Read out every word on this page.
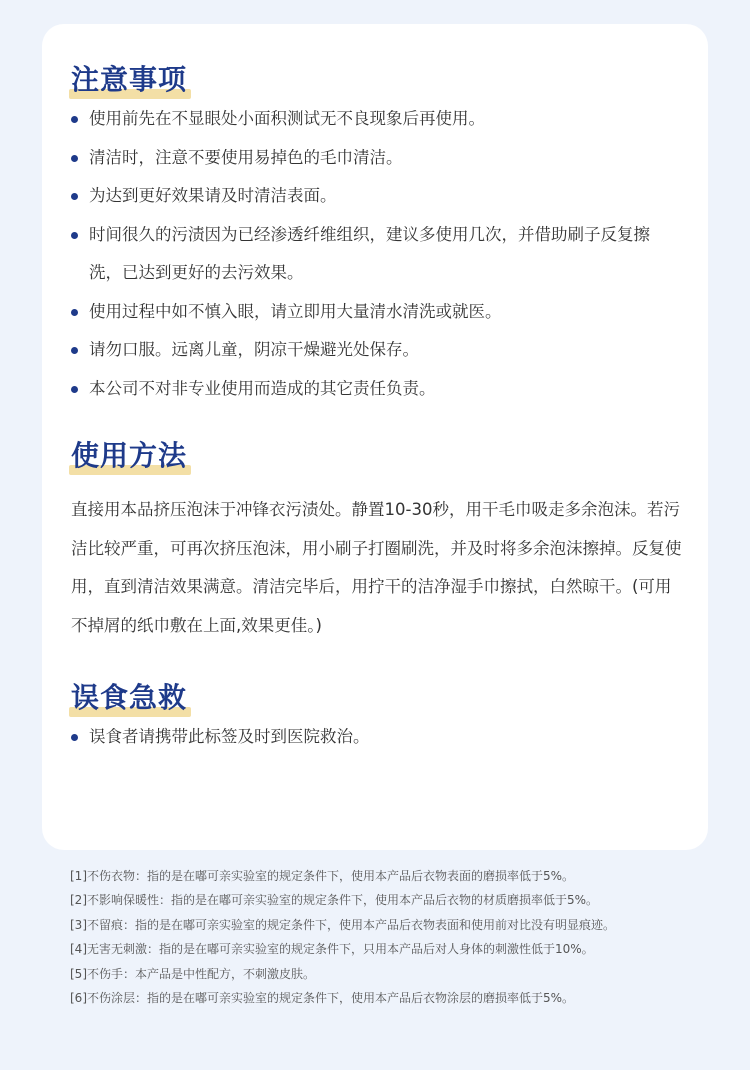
注意事项
使用前先在不显眼处小面积测试无不良现象后再使用。
清洁时，注意不要使用易掉色的毛巾清洁。
为达到更好效果请及时清洁表面。
时间很久的污渍因为已经渗透纤维组织，建议多使用几次，并借助刷子反复擦洗，已达到更好的去污效果。
使用过程中如不慎入眼，请立即用大量清水清洗或就医。
请勿口服。远离儿童，阴凉干燥避光处保存。
本公司不对非专业使用而造成的其它责任负责。
使用方法
直接用本品挤压泡沫于冲锋衣污渍处。静置10-30秒，用干毛巾吸走多余泡沫。若污洁比较严重，可再次挤压泡沫，用小刷子打圈刷洗，并及时将多余泡沫擦掉。反复使用，直到清洁效果满意。清洁完毕后，用拧干的洁净湿手巾擦拭，白然晾干。(可用不掉屑的纸巾敷在上面,效果更佳。)
误食急救
误食者请携带此标签及时到医院救治。
[1]不伤衣物：指的是在嘟可亲实验室的规定条件下，使用本产品后衣物表面的磨损率低于5%。
[2]不影响保暖性：指的是在嘟可亲实验室的规定条件下，使用本产品后衣物的材质磨损率低于5%。
[3]不留痕：指的是在嘟可亲实验室的规定条件下，使用本产品后衣物表面和使用前对比没有明显痕迹。
[4]无害无刺激：指的是在嘟可亲实验室的规定条件下，只用本产品后对人身体的刺激性低于10%。
[5]不伤手：本产品是中性配方，不刺激皮肤。
[6]不伤涂层：指的是在嘟可亲实验室的规定条件下，使用本产品后衣物涂层的磨损率低于5%。
